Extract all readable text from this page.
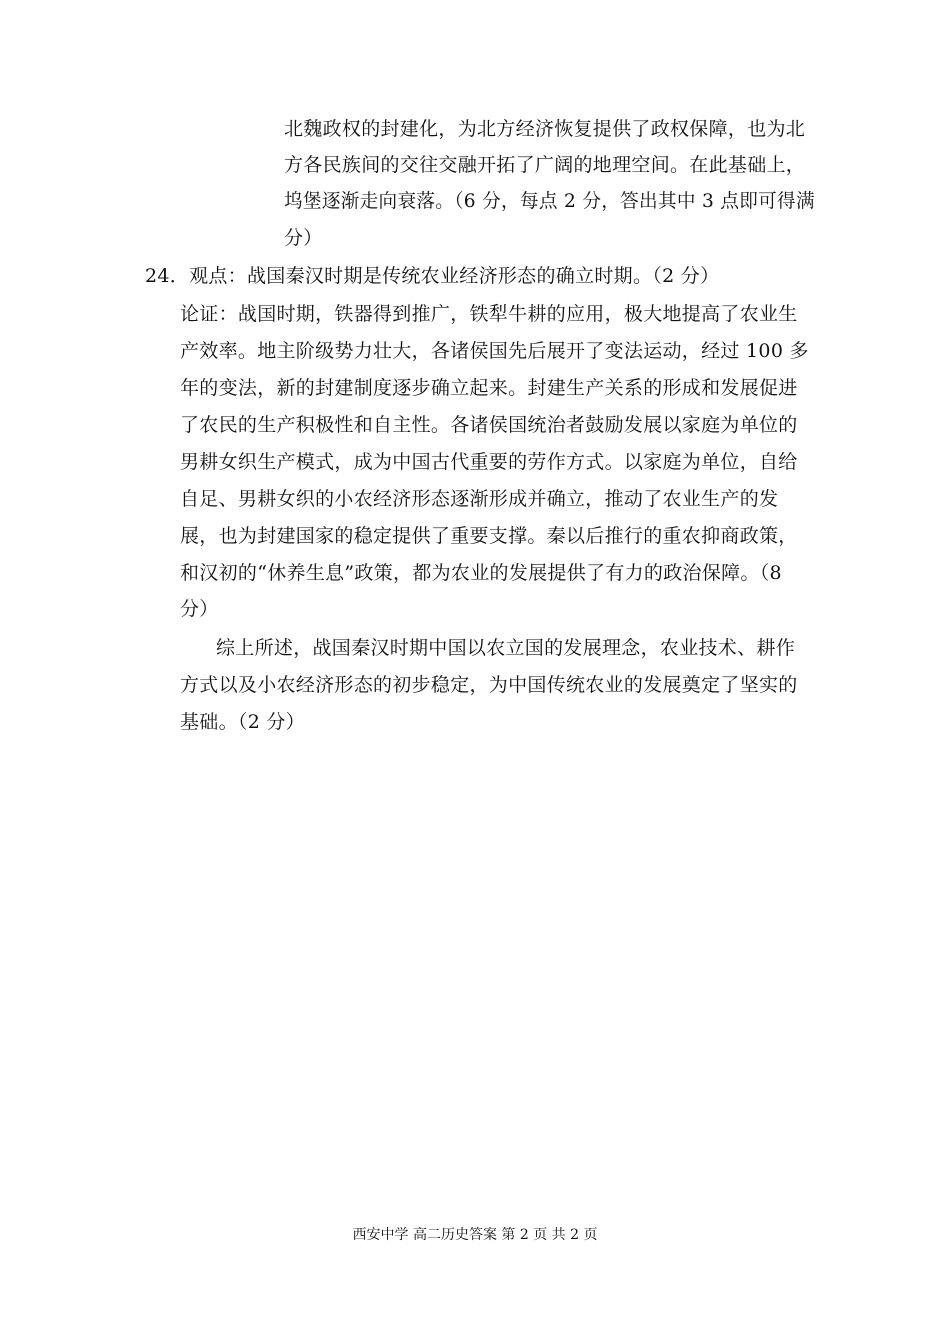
北魏政权的封建化，为北方经济恢复提供了政权保障，也为北
方各民族间的交往交融开拓了广阔的地理空间。在此基础上，
坞堡逐渐走向衰落。（6 分，每点 2 分，答出其中 3 点即可得满
分）
24．观点：战国秦汉时期是传统农业经济形态的确立时期。（2 分）
论证：战国时期，铁器得到推广，铁犁牛耕的应用，极大地提高了农业生
产效率。地主阶级势力壮大，各诸侯国先后展开了变法运动，经过 100 多
年的变法，新的封建制度逐步确立起来。封建生产关系的形成和发展促进
了农民的生产积极性和自主性。各诸侯国统治者鼓励发展以家庭为单位的
男耕女织生产模式，成为中国古代重要的劳作方式。以家庭为单位，自给
自足、男耕女织的小农经济形态逐渐形成并确立，推动了农业生产的发
展，也为封建国家的稳定提供了重要支撑。秦以后推行的重农抑商政策，
和汉初的“休养生息”政策，都为农业的发展提供了有力的政治保障。（8
分）
综上所述，战国秦汉时期中国以农立国的发展理念，农业技术、耕作
方式以及小农经济形态的初步稳定，为中国传统农业的发展奠定了坚实的
基础。（2 分）
西安中学 高二历史答案 第 2 页 共 2 页
